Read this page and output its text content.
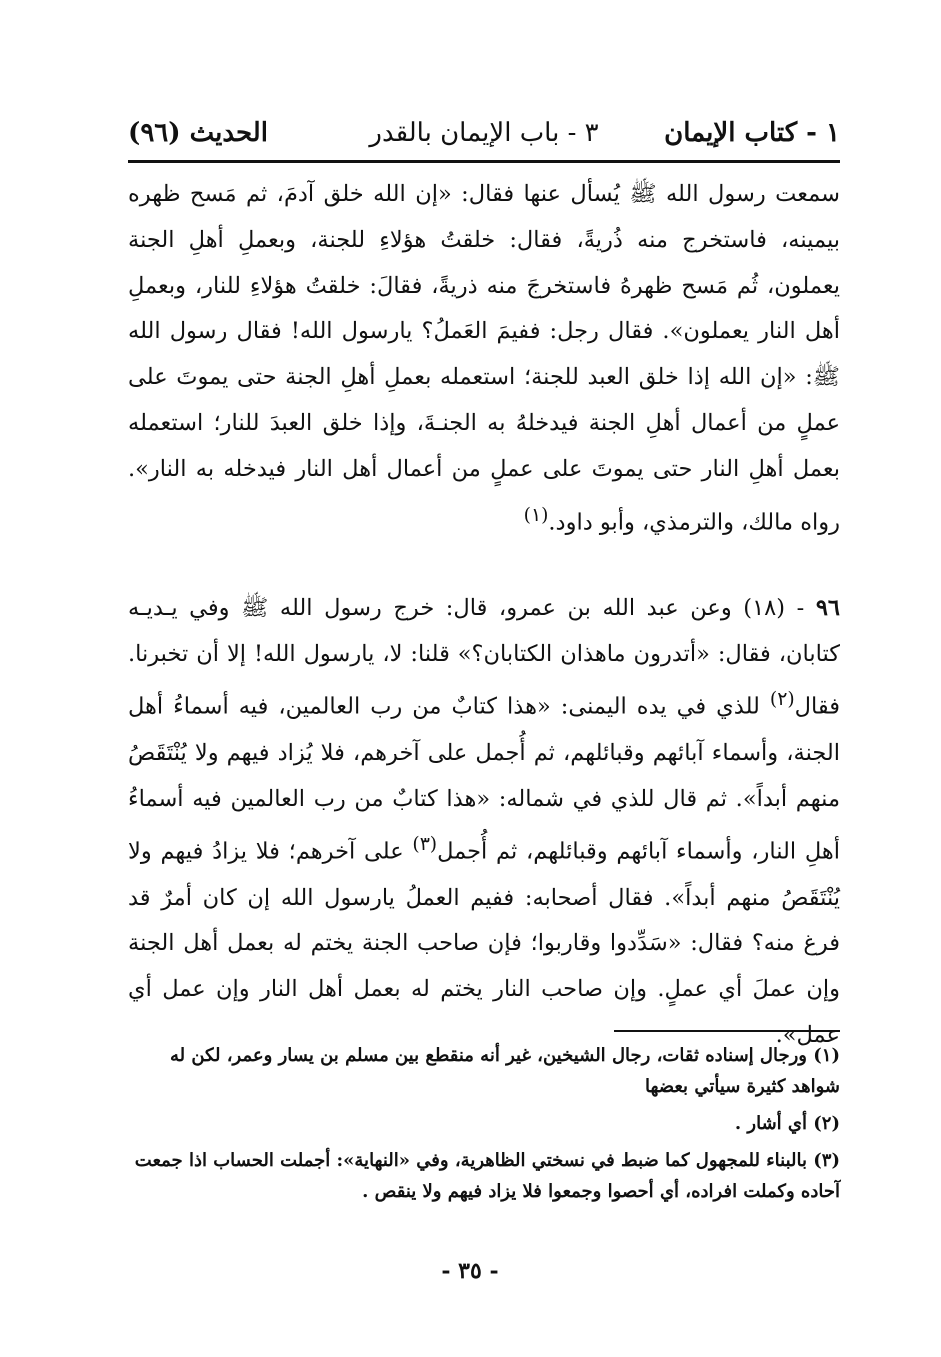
١ - كتاب الإيمان
٣ - باب الإيمان بالقدر
الحديث (٩٦)

سمعت رسول الله ﷺ يُسأل عنها فقال: «إن الله خلق آدمَ، ثم مَسح ظهره بيمينه، فاستخرج منه ذُريةً، فقال: خلقتُ هؤلاءِ للجنة، وبعملِ أهلِ الجنة يعملون، ثُم مَسح ظهرهُ فاستخرجَ منه ذريةً، فقالَ: خلقتُ هؤلاءِ للنار، وبعملِ أهل النار يعملون». فقال رجل: ففيمَ العَملُ؟ يارسول الله! فقال رسول الله ﷺ: «إن الله إذا خلق العبد للجنة؛ استعمله بعملِ أهلِ الجنة حتى يموتَ على عملٍ من أعمال أهلِ الجنة فيدخلهُ به الجنـةَ، وإذا خلق العبدَ للنار؛ استعمله بعمل أهلِ النار حتى يموتَ على عملٍ من أعمال أهل النار فيدخله به النار». رواه مالك، والترمذي، وأبو داود.$^{(١)}$

٩٦ - (١٨) وعن عبد الله بن عمرو، قال: خرج رسول الله ﷺ وفي يـديـه كتابان، فقال: «أتدرون ماهذان الكتابان؟» قلنا: لا، يارسول الله! إلا أن تخبرنا. فقال$^{(٢)}$ للذي في يده اليمنى: «هذا كتابٌ من رب العالمين، فيه أسماءُ أهل الجنة، وأسماء آبائهم وقبائلهم، ثم أُجمل على آخرهم، فلا يُزاد فيهم ولا يُنْتَقَصُ منهم أبداً». ثم قال للذي في شماله: «هذا كتابٌ من رب العالمين فيه أسماءُ أهلِ النار، وأسماء آبائهم وقبائلهم، ثم أُجمل$^{(٣)}$ على آخرهم؛ فلا يزادُ فيهم ولا يُنْتَقَصُ منهم أبداً». فقال أصحابه: ففيم العملُ يارسول الله إن كان أمرٌ قد فرغ منه؟ فقال: «سَدِّدوا وقاربوا؛ فإن صاحب الجنة يختم له بعمل أهل الجنة وإن عملَ أي عملٍ. وإن صاحب النار يختم له بعمل أهل النار وإن عمل أي عمل».

(١) ورجال إسناده ثقات، رجال الشيخين، غير أنه منقطع بين مسلم بن يسار وعمر، لكن له شواهد كثيرة سيأتي بعضها

(٢) أي أشار .

(٣) بالبناء للمجهول كما ضبط في نسختي الظاهرية، وفي «النهاية»: أجملت الحساب اذا جمعت آحاده وكملت افراده، أي أحصوا وجمعوا فلا يزاد فيهم ولا ينقص .

- ٣٥ -
